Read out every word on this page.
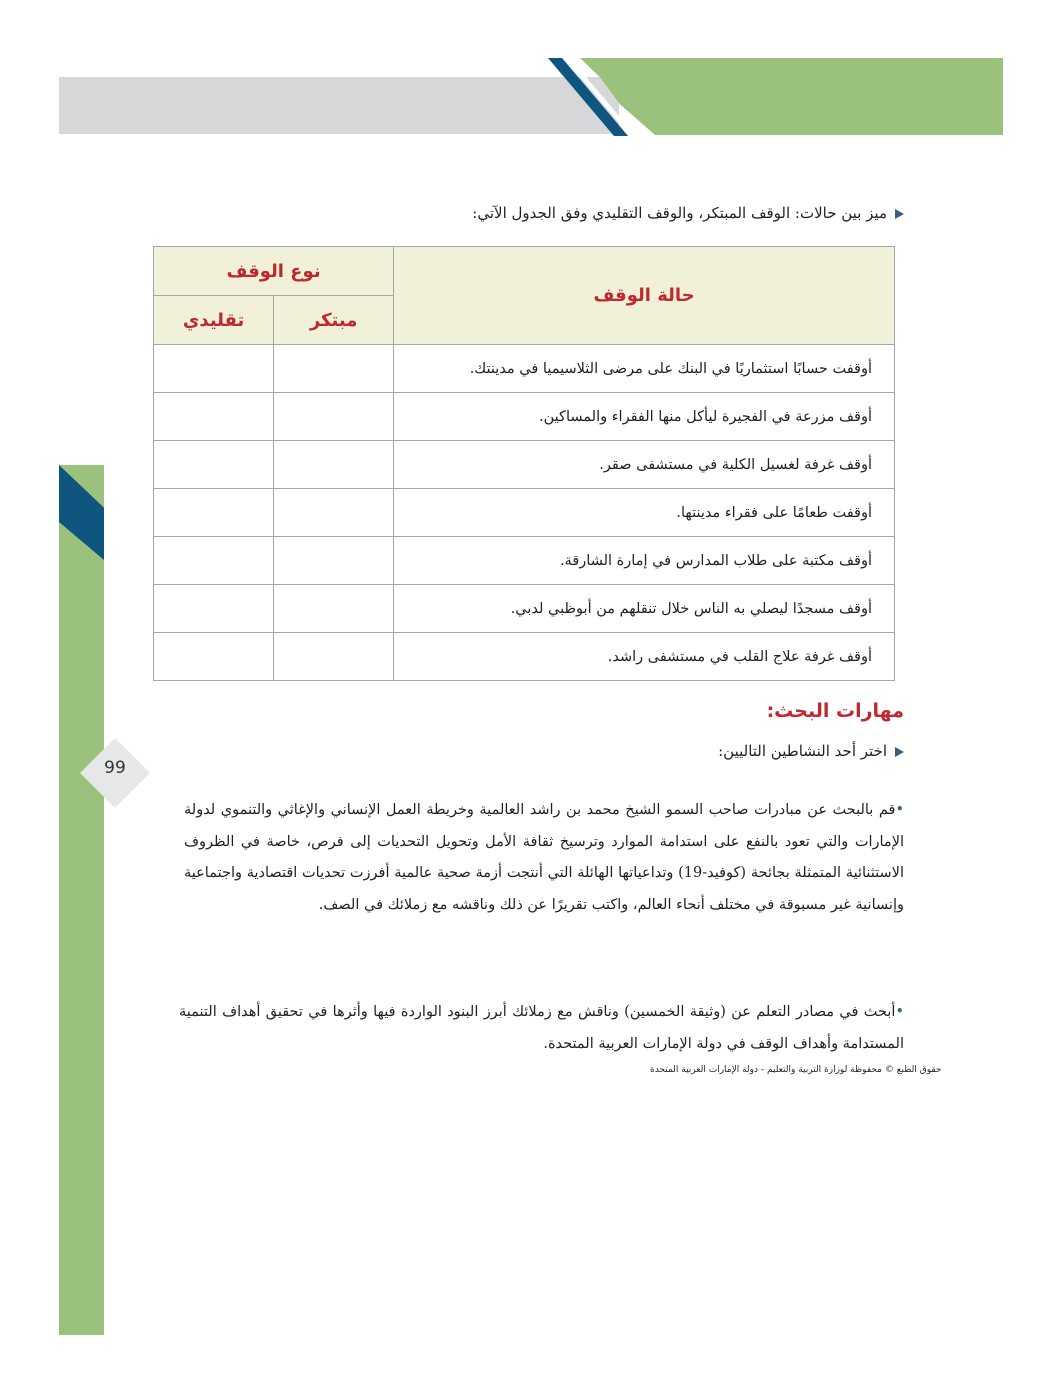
99
ميز بين حالات: الوقف المبتكر، والوقف التقليدي وفق الجدول الآتي:
حالة الوقف	نوع الوقف	
	مبتكر	تقليدي
أوقفت حسابًا استثماريًا في البنك على مرضى الثلاسيميا في مدينتك.		
أوقف مزرعة في الفجيرة ليأكل منها الفقراء والمساكين.		
أوقف غرفة لغسيل الكلية في مستشفى صقر.		
أوقفت طعامًا على فقراء مدينتها.		
أوقف مكتبة على طلاب المدارس في إمارة الشارقة.		
أوقف مسجدًا ليصلي به الناس خلال تنقلهم من أبوظبي لدبي.		
أوقف غرفة علاج القلب في مستشفى راشد.		
مهارات البحث:
اختر أحد النشاطين التاليين:
•قم بالبحث عن مبادرات صاحب السمو الشيخ محمد بن راشد العالمية وخريطة العمل الإنساني والإغاثي والتنموي لدولة الإمارات والتي تعود بالنفع على استدامة الموارد وترسيخ ثقافة الأمل وتحويل التحديات إلى فرص، خاصة في الظروف الاستثنائية المتمثلة بجائحة (كوفيد-19) وتداعياتها الهائلة التي أنتجت أزمة صحية عالمية أفرزت تحديات اقتصادية واجتماعية وإنسانية غير مسبوقة في مختلف أنحاء العالم، واكتب تقريرًا عن ذلك وناقشه مع زملائك في الصف.
•أبحث في مصادر التعلم عن (وثيقة الخمسين) وناقش مع زملائك أبرز البنود الواردة فيها وأثرها في تحقيق أهداف التنمية المستدامة وأهداف الوقف في دولة الإمارات العربية المتحدة.
حقوق الطبع © محفوظة لوزارة التربية والتعليم - دولة الإمارات العربية المتحدة
